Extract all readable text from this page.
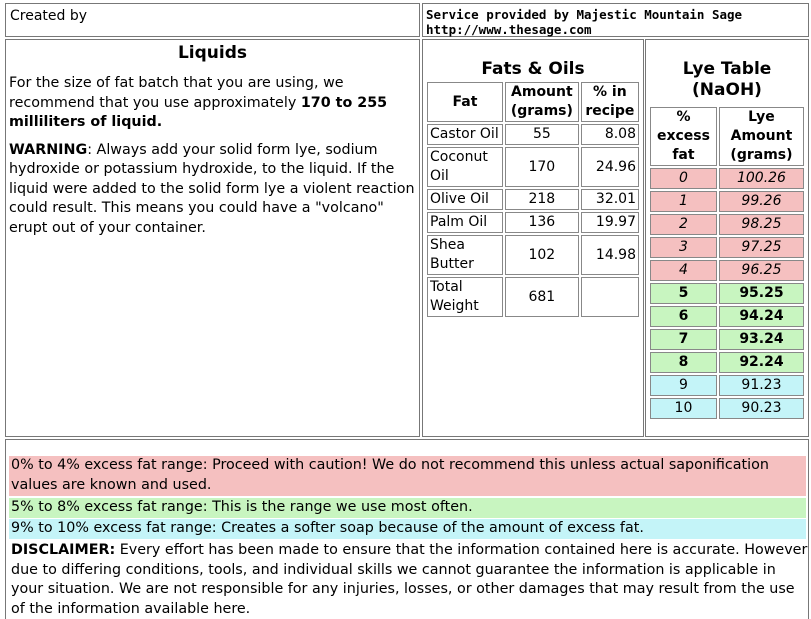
Created by	Service provided by Majestic Mountain Sage
http://www.thesage.com
Liquids

For the size of fat batch that you are using, we recommend that you use approximately 170 to 255 milliliters of liquid.

WARNING: Always add your solid form lye, sodium hydroxide or potassium hydroxide, to the liquid. If the liquid were added to the solid form lye a violent reaction could result. This means you could have a "volcano" erupt out of your container.

Fats & Oils
Fat	Amount (grams)	% in recipe
Castor Oil	55	8.08
Coconut Oil	170	24.96
Olive Oil	218	32.01
Palm Oil	136	19.97
Shea Butter	102	14.98
Total Weight	681	
Lye Table
(NaOH)
% excess fat	Lye Amount (grams)
0	100.26
1	99.26
2	98.25
3	97.25
4	96.25
5	95.25
6	94.24
7	93.24
8	92.24
9	91.23
10	90.23
0% to 4% excess fat range: Proceed with caution! We do not recommend this unless actual saponification values are known and used.
5% to 8% excess fat range: This is the range we use most often.
9% to 10% excess fat range: Creates a softer soap because of the amount of excess fat.
DISCLAIMER: Every effort has been made to ensure that the information contained here is accurate. However due to differing conditions, tools, and individual skills we cannot guarantee the information is applicable in your situation. We are not responsible for any injuries, losses, or other damages that may result from the use of the information available here.
